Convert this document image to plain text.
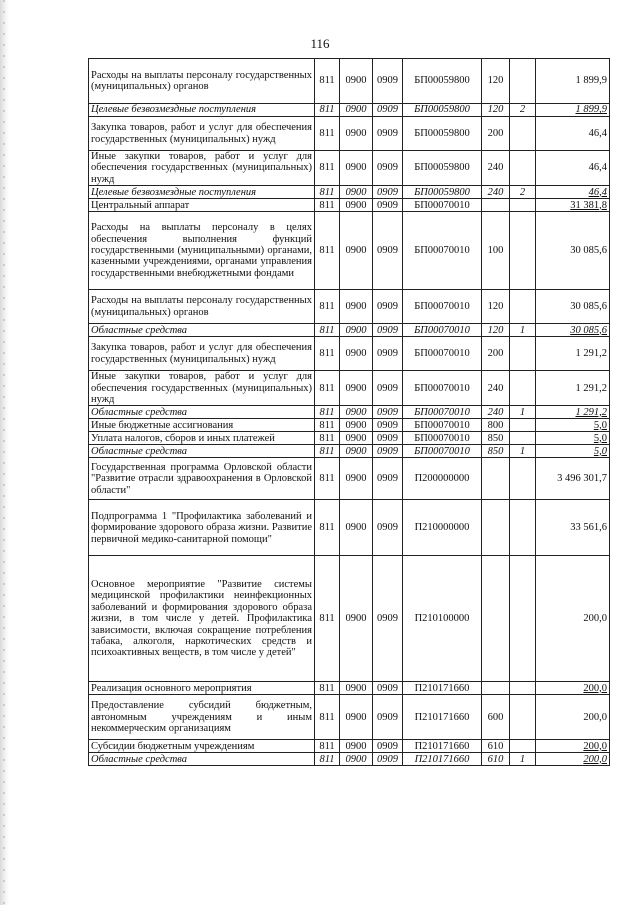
116
Расходы на выплаты персоналу государственных (муниципальных) органов	811	0900	0909	БП00059800	120		1 899,9
Целевые безвозмездные поступления	811	0900	0909	БП00059800	120	2	1 899,9
Закупка товаров, работ и услуг для обеспечения государственных (муниципальных) нужд	811	0900	0909	БП00059800	200		46,4
Иные закупки товаров, работ и услуг для обеспечения государственных (муниципальных) нужд	811	0900	0909	БП00059800	240		46,4
Целевые безвозмездные поступления	811	0900	0909	БП00059800	240	2	46,4
Центральный аппарат	811	0900	0909	БП00070010			31 381,8
Расходы на выплаты персоналу в целях обеспечения выполнения функций государственными (муниципальными) органами, казенными учреждениями, органами управления государственными внебюджетными фондами	811	0900	0909	БП00070010	100		30 085,6
Расходы на выплаты персоналу государственных (муниципальных) органов	811	0900	0909	БП00070010	120		30 085,6
Областные средства	811	0900	0909	БП00070010	120	1	30 085,6
Закупка товаров, работ и услуг для обеспечения государственных (муниципальных) нужд	811	0900	0909	БП00070010	200		1 291,2
Иные закупки товаров, работ и услуг для обеспечения государственных (муниципальных) нужд	811	0900	0909	БП00070010	240		1 291,2
Областные средства	811	0900	0909	БП00070010	240	1	1 291,2
Иные бюджетные ассигнования	811	0900	0909	БП00070010	800		5,0
Уплата налогов, сборов и иных платежей	811	0900	0909	БП00070010	850		5,0
Областные средства	811	0900	0909	БП00070010	850	1	5,0
Государственная программа Орловской области "Развитие отрасли здравоохранения в Орловской области"	811	0900	0909	П200000000			3 496 301,7
Подпрограмма 1 "Профилактика заболеваний и формирование здорового образа жизни. Развитие первичной медико-санитарной помощи"	811	0900	0909	П210000000			33 561,6
Основное мероприятие "Развитие системы медицинской профилактики неинфекционных заболеваний и формирования здорового образа жизни, в том числе у детей. Профилактика зависимости, включая сокращение потребления табака, алкоголя, наркотических средств и психоактивных веществ, в том числе у детей"	811	0900	0909	П210100000			200,0
Реализация основного мероприятия	811	0900	0909	П210171660			200,0
Предоставление субсидий бюджетным, автономным учреждениям и иным некоммерческим организациям	811	0900	0909	П210171660	600		200,0
Субсидии бюджетным учреждениям	811	0900	0909	П210171660	610		200,0
Областные средства	811	0900	0909	П210171660	610	1	200,0
